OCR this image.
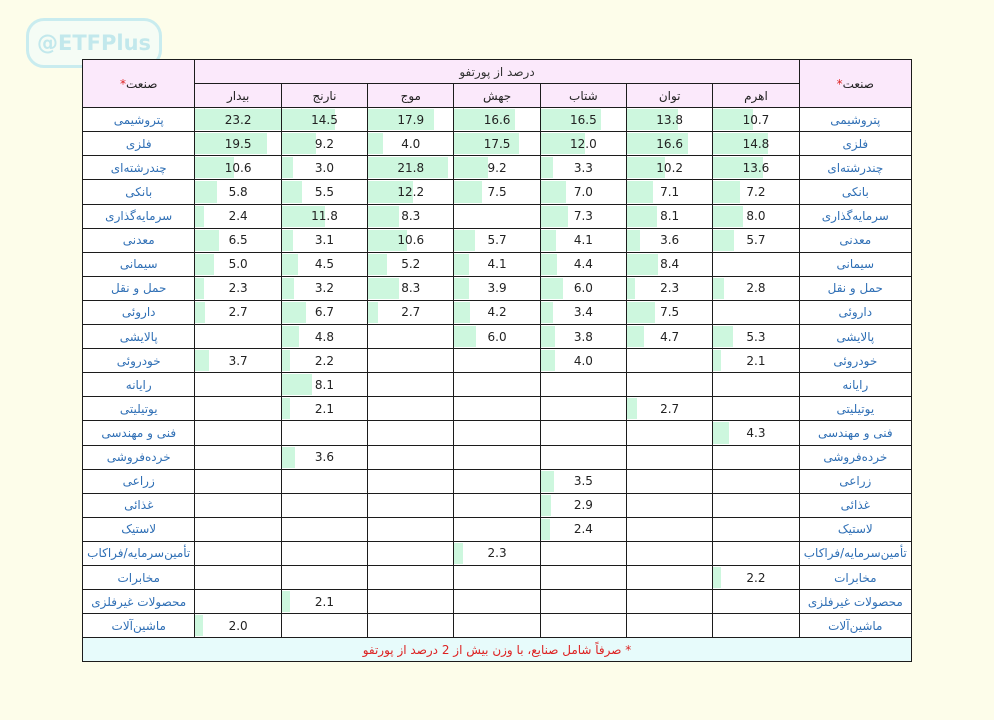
@ETFPlus
صنعت*	درصد از پورتفو							صنعت*
	اهرم	توان	شتاب	جهش	موج	نارنج	بیدار	
پتروشیمی	10.7	13.8	16.5	16.6	17.9	14.5	23.2	پتروشیمی
فلزی	14.8	16.6	12.0	17.5	4.0	9.2	19.5	فلزی
چندرشته‌ای	13.6	10.2	3.3	9.2	21.8	3.0	10.6	چندرشته‌ای
بانکی	7.2	7.1	7.0	7.5	12.2	5.5	5.8	بانکی
سرمایه‌گذاری	8.0	8.1	7.3		8.3	11.8	2.4	سرمایه‌گذاری
معدنی	5.7	3.6	4.1	5.7	10.6	3.1	6.5	معدنی
سیمانی		8.4	4.4	4.1	5.2	4.5	5.0	سیمانی
حمل و نقل	2.8	2.3	6.0	3.9	8.3	3.2	2.3	حمل و نقل
داروئی		7.5	3.4	4.2	2.7	6.7	2.7	داروئی
پالایشی	5.3	4.7	3.8	6.0		4.8		پالایشی
خودروئی	2.1		4.0			2.2	3.7	خودروئی
رایانه						8.1		رایانه
یوتیلیتی		2.7				2.1		یوتیلیتی
فنی و مهندسی	4.3							فنی و مهندسی
خرده‌فروشی						3.6		خرده‌فروشی
زراعی			3.5					زراعی
غذائی			2.9					غذائی
لاستیک			2.4					لاستیک
تأمین‌سرمایه/فراکاب				2.3				تأمین‌سرمایه/فراکاب
مخابرات	2.2							مخابرات
محصولات غیرفلزی						2.1		محصولات غیرفلزی
ماشین‌آلات							2.0	ماشین‌آلات
* صرفاً شامل صنایع، با وزن بیش از 2 درصد از پورتفو								
